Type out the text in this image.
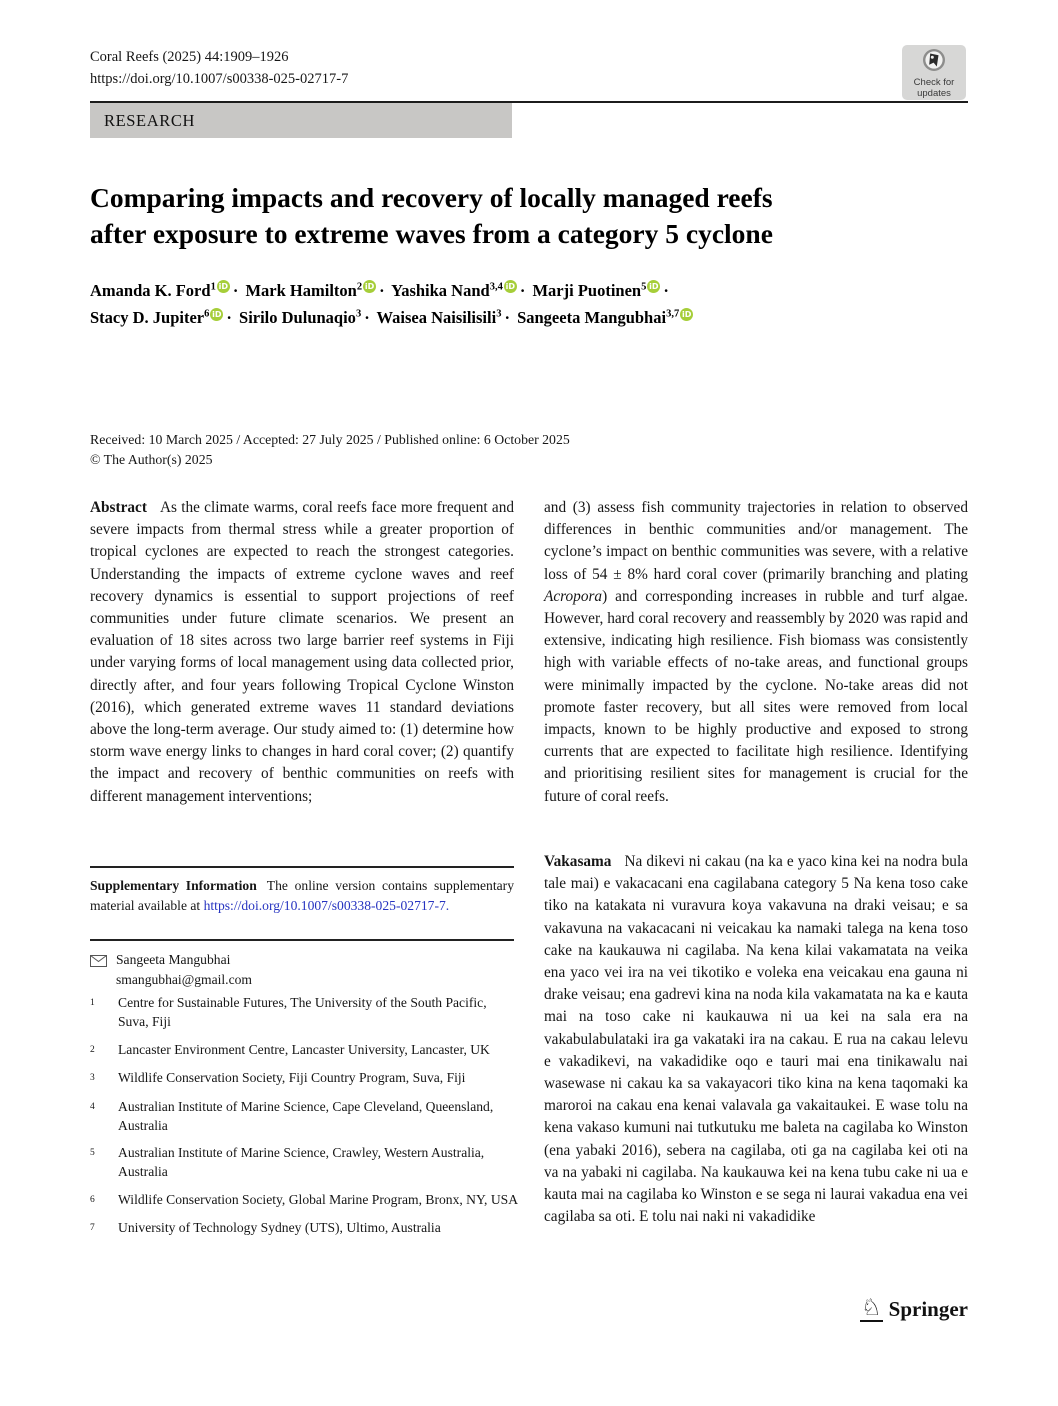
Coral Reefs (2025) 44:1909–1926
https://doi.org/10.1007/s00338-025-02717-7	Check for
updates
RESEARCH
Comparing impacts and recovery of locally managed reefs
after exposure to extreme waves from a category 5 cyclone
Amanda K. Ford$^1$ iD · Mark Hamilton$^2$ iD · Yashika Nand$^{3,4}$ iD · Marji Puotinen$^5$ iD ·
Stacy D. Jupiter$^6$ iD · Sirilo Dulunaqio$^3$ · Waisea Naisilisili$^3$ · Sangeeta Mangubhai$^{3,7}$ iD
Received: 10 March 2025 / Accepted: 27 July 2025 / Published online: 6 October 2025
© The Author(s) 2025
Abstract As the climate warms, coral reefs face more frequent and severe impacts from thermal stress while a greater proportion of tropical cyclones are expected to reach the strongest categories. Understanding the impacts of extreme cyclone waves and reef recovery dynamics is essential to support projections of reef communities under future climate scenarios. We present an evaluation of 18 sites across two large barrier reef systems in Fiji under varying forms of local management using data collected prior, directly after, and four years following Tropical Cyclone Winston (2016), which generated extreme waves 11 standard deviations above the long-term average. Our study aimed to: (1) determine how storm wave energy links to changes in hard coral cover; (2) quantify the impact and recovery of benthic communities on reefs with different management interventions;
and (3) assess fish community trajectories in relation to observed differences in benthic communities and/or management. The cyclone’s impact on benthic communities was severe, with a relative loss of 54 ± 8% hard coral cover (primarily branching and plating Acropora) and corresponding increases in rubble and turf algae. However, hard coral recovery and reassembly by 2020 was rapid and extensive, indicating high resilience. Fish biomass was consistently high with variable effects of no-take areas, and functional groups were minimally impacted by the cyclone. No-take areas did not promote faster recovery, but all sites were removed from local impacts, known to be highly productive and exposed to strong currents that are expected to facilitate high resilience. Identifying and prioritising resilient sites for management is crucial for the future of coral reefs.
Vakasama Na dikevi ni cakau (na ka e yaco kina kei na nodra bula tale mai) e vakacacani ena cagilabana category 5 Na kena toso cake tiko na katakata ni vuravura koya vakavuna na draki veisau; e sa vakavuna na vakacacani ni veicakau ka namaki talega na kena toso cake na kaukauwa ni cagilaba. Na kena kilai vakamatata na veika ena yaco vei ira na vei tikotiko e voleka ena veicakau ena gauna ni drake veisau; ena gadrevi kina na noda kila vakamatata na ka e kauta mai na toso cake ni kaukauwa ni ua kei na sala era na vakabulabulataki ira ga vakataki ira na cakau. E rua na cakau lelevu e vakadikevi, na vakadidike oqo e tauri mai ena tinikawalu nai wasewase ni cakau ka sa vakayacori tiko kina na kena taqomaki ka maroroi na cakau ena kenai valavala ga vakaitaukei. E wase tolu na kena vakaso kumuni nai tutkutuku me baleta na cagilaba ko Winston (ena yabaki 2016), sebera na cagilaba, oti ga na cagilaba kei oti na va na yabaki ni cagilaba. Na kaukauwa kei na kena tubu cake ni ua e kauta mai na cagilaba ko Winston e se sega ni laurai vakadua ena vei cagilaba sa oti. E tolu nai naki ni vakadidike
Supplementary Information The online version contains supplementary material available at https://doi.org/10.1007/s00338-025-02717-7.
Sangeeta Mangubhai
smangubhai@gmail.com
1	Centre for Sustainable Futures, The University of the South Pacific, Suva, Fiji
2	Lancaster Environment Centre, Lancaster University, Lancaster, UK
3	Wildlife Conservation Society, Fiji Country Program, Suva, Fiji
4	Australian Institute of Marine Science, Cape Cleveland, Queensland, Australia
5	Australian Institute of Marine Science, Crawley, Western Australia, Australia
6	Wildlife Conservation Society, Global Marine Program, Bronx, NY, USA
7	University of Technology Sydney (UTS), Ultimo, Australia
♘ Springer
